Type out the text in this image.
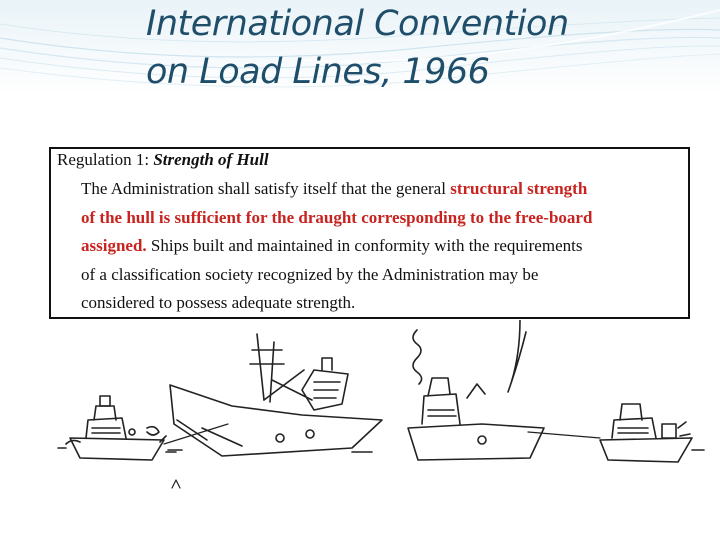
International Convention
on Load Lines, 1966
Regulation 1: Strength of Hull
The Administration shall satisfy itself that the general structural strength
of the hull is sufficient for the draught corresponding to the free-board
assigned. Ships built and maintained in conformity with the requirements
of a classification society recognized by the Administration may be
considered to possess adequate strength.
